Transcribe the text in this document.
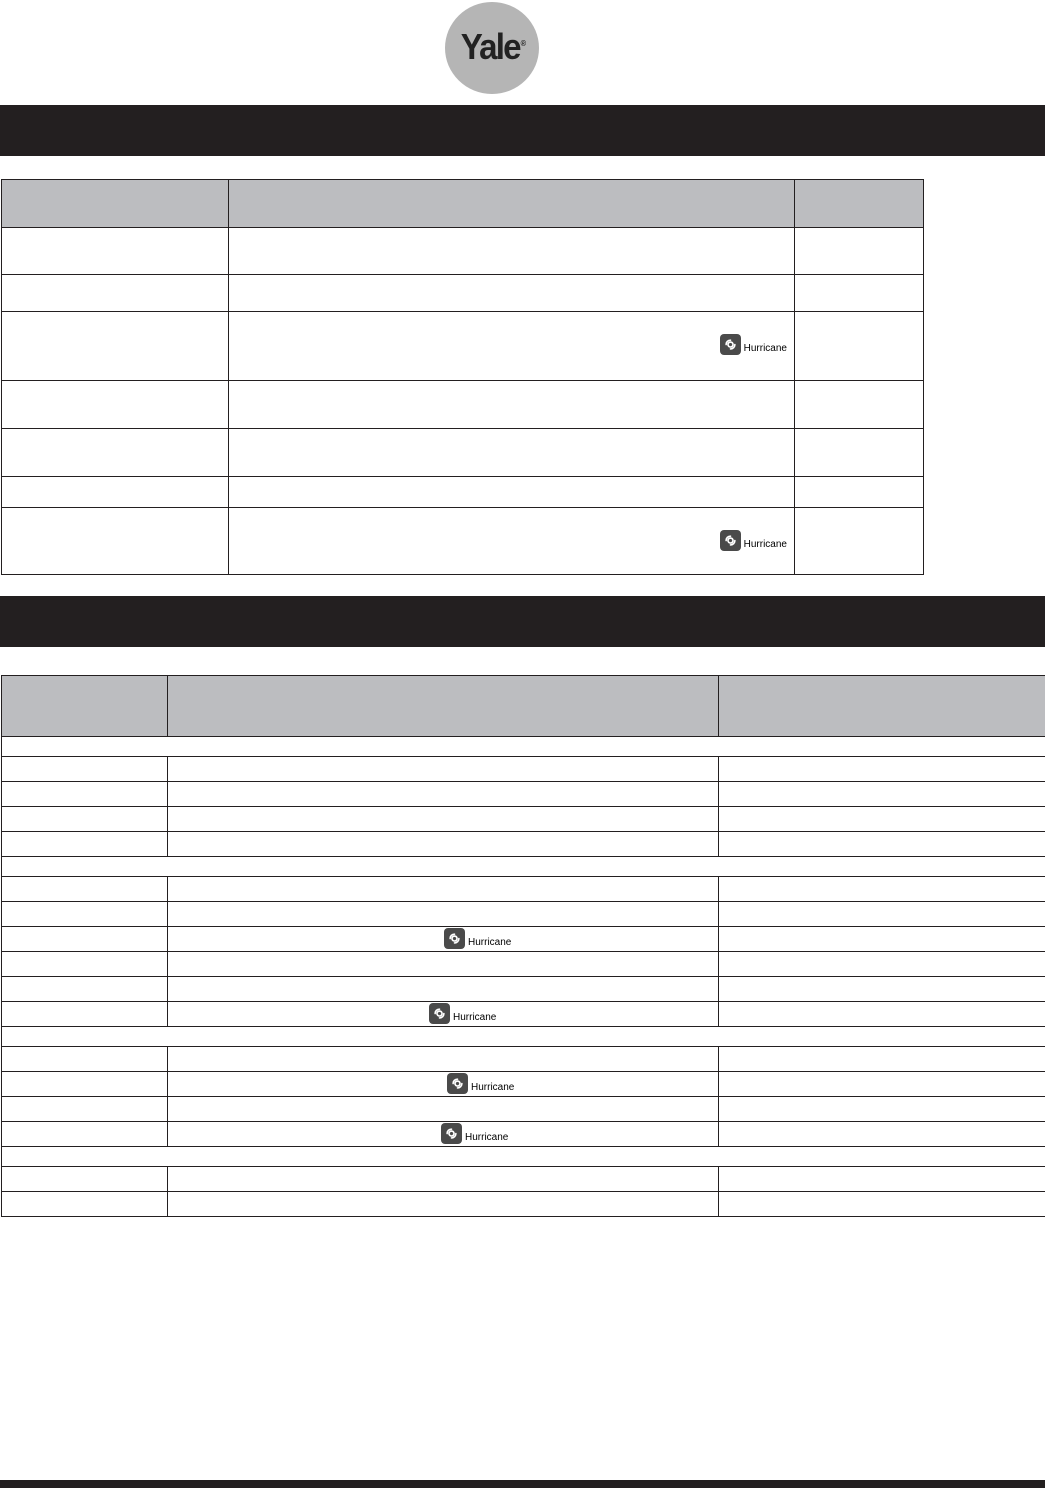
Yale®

	Hurricane	

	Hurricane	

	Hurricane	

	Hurricane	

	Hurricane	

	Hurricane	
